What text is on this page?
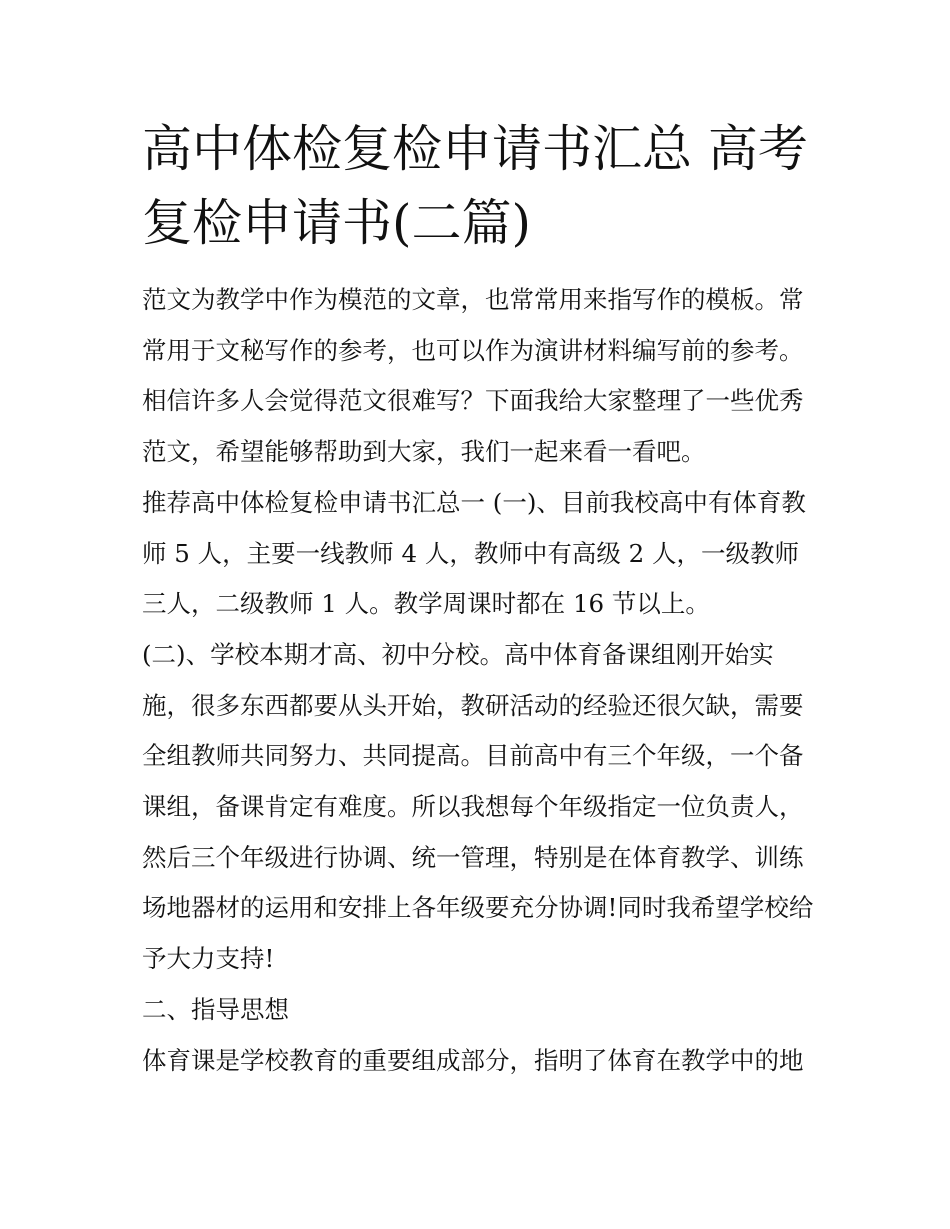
高中体检复检申请书汇总 高考复检申请书(二篇)

范文为教学中作为模范的文章，也常常用来指写作的模板。常常用于文秘写作的参考，也可以作为演讲材料编写前的参考。相信许多人会觉得范文很难写？下面我给大家整理了一些优秀范文，希望能够帮助到大家，我们一起来看一看吧。

推荐高中体检复检申请书汇总一 (一)、目前我校高中有体育教师 5 人，主要一线教师 4 人，教师中有高级 2 人，一级教师三人，二级教师 1 人。教学周课时都在 16 节以上。

(二)、学校本期才高、初中分校。高中体育备课组刚开始实施，很多东西都要从头开始，教研活动的经验还很欠缺，需要全组教师共同努力、共同提高。目前高中有三个年级，一个备课组，备课肯定有难度。所以我想每个年级指定一位负责人，然后三个年级进行协调、统一管理，特别是在体育教学、训练场地器材的运用和安排上各年级要充分协调!同时我希望学校给予大力支持!

二、指导思想

体育课是学校教育的重要组成部分，指明了体育在教学中的地
